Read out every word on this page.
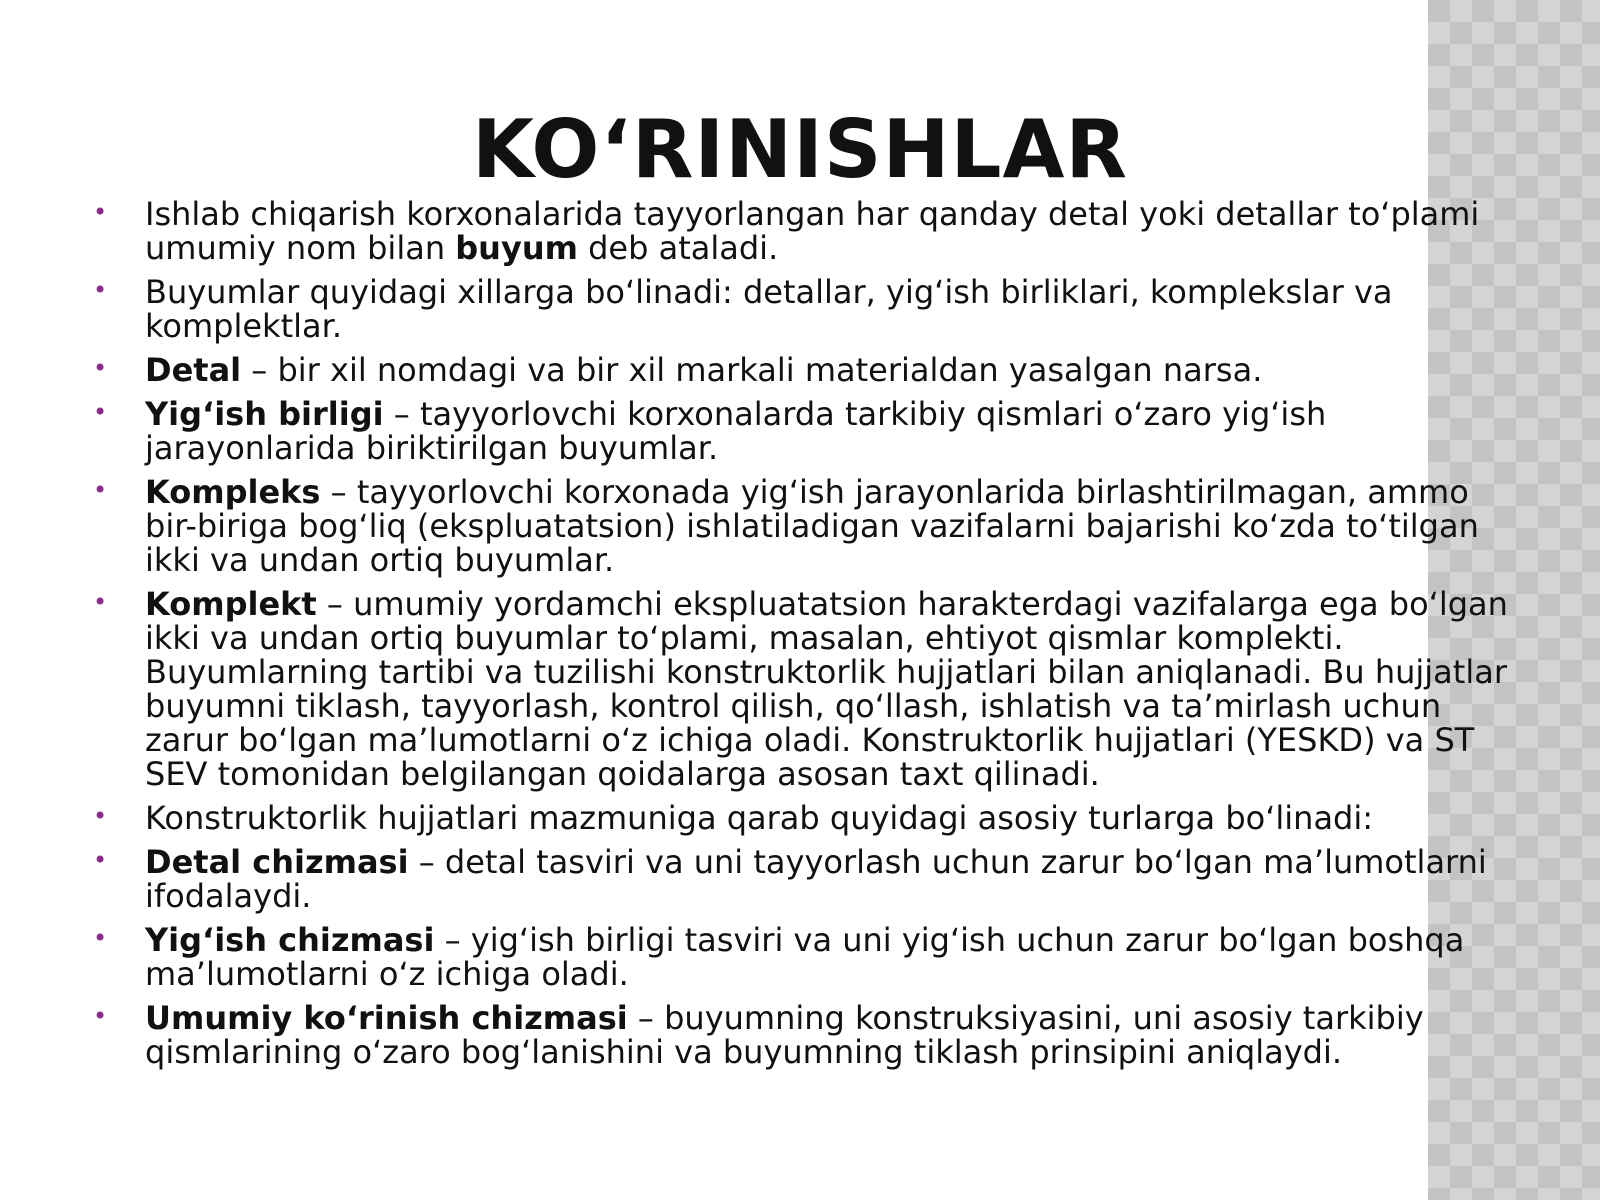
KO‘RINISHLAR
• Ishlab chiqarish korxonalarida tayyorlangan har qanday detal yoki detallar to‘plami umumiy nom bilan buyum deb ataladi.
• Buyumlar quyidagi xillarga bo‘linadi: detallar, yig‘ish birliklari, komplekslar va komplektlar.
• Detal – bir xil nomdagi va bir xil markali materialdan yasalgan narsa.
• Yig‘ish birligi – tayyorlovchi korxonalarda tarkibiy qismlari o‘zaro yig‘ish jarayonlarida biriktirilgan buyumlar.
• Kompleks – tayyorlovchi korxonada yig‘ish jarayonlarida birlashtirilmagan, ammo bir-biriga bog‘liq (ekspluatatsion) ishlatiladigan vazifalarni bajarishi ko‘zda to‘tilgan ikki va undan ortiq buyumlar.
• Komplekt – umumiy yordamchi ekspluatatsion harakterdagi vazifalarga ega bo‘lgan ikki va undan ortiq buyumlar to‘plami, masalan, ehtiyot qismlar komplekti. Buyumlarning tartibi va tuzilishi konstruktorlik hujjatlari bilan aniqlanadi. Bu hujjatlar buyumni tiklash, tayyorlash, kontrol qilish, qo‘llash, ishlatish va ta’mirlash uchun zarur bo‘lgan ma’lumotlarni o‘z ichiga oladi. Konstruktorlik hujjatlari (YESKD) va ST SEV tomonidan belgilangan qoidalarga asosan taxt qilinadi.
• Konstruktorlik hujjatlari mazmuniga qarab quyidagi asosiy turlarga bo‘linadi:
• Detal chizmasi – detal tasviri va uni tayyorlash uchun zarur bo‘lgan ma’lumotlarni ifodalaydi.
• Yig‘ish chizmasi – yig‘ish birligi tasviri va uni yig‘ish uchun zarur bo‘lgan boshqa ma’lumotlarni o‘z ichiga oladi.
• Umumiy ko‘rinish chizmasi – buyumning konstruksiyasini, uni asosiy tarkibiy qismlarining o‘zaro bog‘lanishini va buyumning tiklash prinsipini aniqlaydi.
